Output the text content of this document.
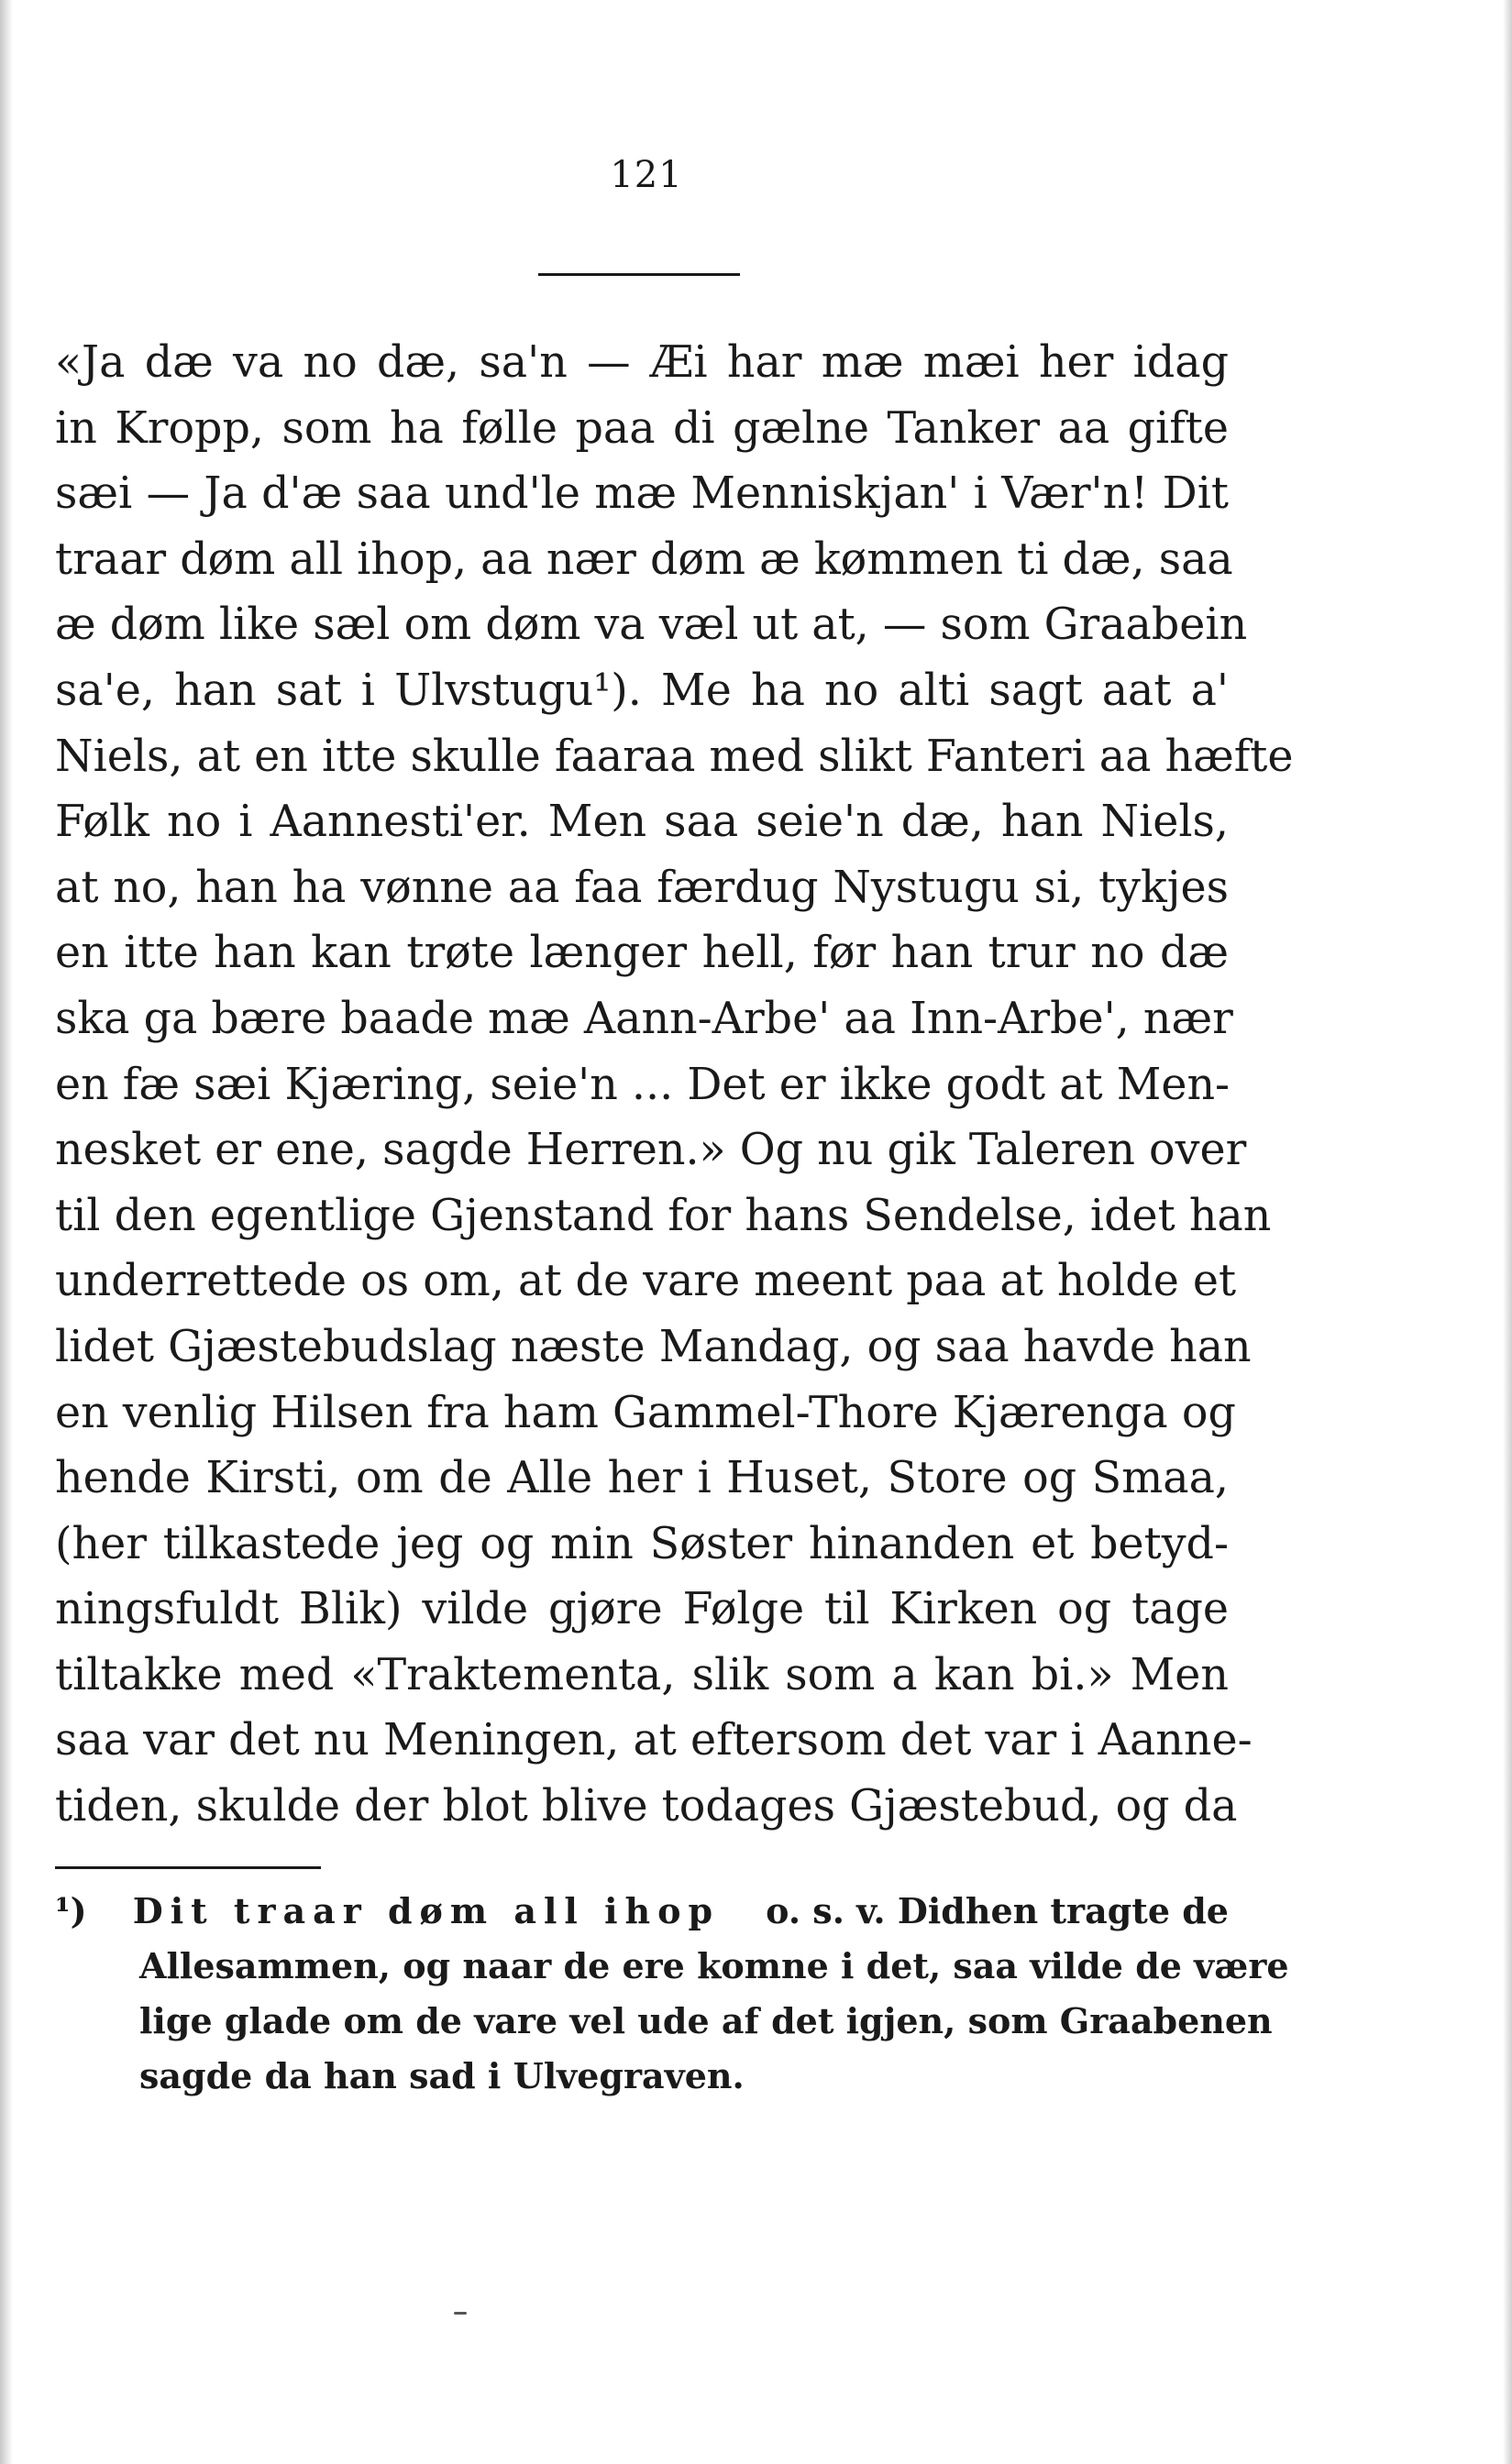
121
«Ja dæ va no dæ, sa'n — Æi har mæ mæi her idag
in Kropp, som ha følle paa di gælne Tanker aa gifte
sæi — Ja d'æ saa und'le mæ Menniskjan' i Vær'n! Dit
traar døm all ihop, aa nær døm æ kømmen ti dæ, saa
æ døm like sæl om døm va væl ut at, — som Graabein
sa'e, han sat i Ulvstugu¹). Me ha no alti sagt aat a'
Niels, at en itte skulle faaraa med slikt Fanteri aa hæfte
Følk no i Aannesti'er. Men saa seie'n dæ, han Niels,
at no, han ha vønne aa faa færdug Nystugu si, tykjes
en itte han kan trøte længer hell, før han trur no dæ
ska ga bære baade mæ Aann-Arbe' aa Inn-Arbe', nær
en fæ sæi Kjæring, seie'n ... Det er ikke godt at Men-
nesket er ene, sagde Herren.» Og nu gik Taleren over
til den egentlige Gjenstand for hans Sendelse, idet han
underrettede os om, at de vare meent paa at holde et
lidet Gjæstebudslag næste Mandag, og saa havde han
en venlig Hilsen fra ham Gammel-Thore Kjærenga og
hende Kirsti, om de Alle her i Huset, Store og Smaa,
(her tilkastede jeg og min Søster hinanden et betyd-
ningsfuldt Blik) vilde gjøre Følge til Kirken og tage
tiltakke med «Traktementa, slik som a kan bi.» Men
saa var det nu Meningen, at eftersom det var i Aanne-
tiden, skulde der blot blive todages Gjæstebud, og da
¹) Dit traar døm all ihop o. s. v. Didhen tragte de
Allesammen, og naar de ere komne i det, saa vilde de være
lige glade om de vare vel ude af det igjen, som Graabenen
sagde da han sad i Ulvegraven.
